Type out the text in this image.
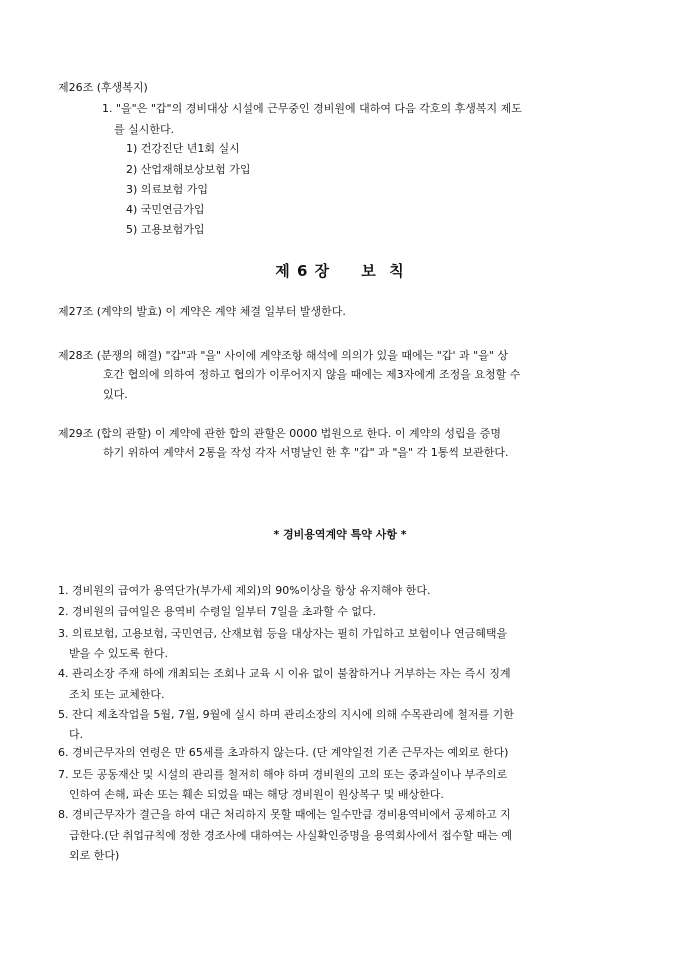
제26조 (후생복지)
1. "을"은 "갑"의 경비대상 시설에 근무중인 경비원에 대하여 다음 각호의 후생복지 제도
를 실시한다.
1) 건강진단 년1회 실시
2) 산업재해보상보험 가입
3) 의료보험 가입
4) 국민연금가입
5) 고용보험가입
제 6 장     보  칙
제27조 (계약의 발효) 이 계약은 계약 체결 일부터 발생한다.
제28조 (분쟁의 해결) "갑"과 "을" 사이에 계약조항 해석에 의의가 있을 때에는 "갑' 과 "을" 상
호간 협의에 의하여 정하고 협의가 이루어지지 않을 때에는 제3자에게 조정을 요청할 수
있다.
제29조 (합의 관할) 이 계약에 관한 합의 관할은 0000 법원으로 한다. 이 계약의 성립을 증명
하기 위하여 계약서 2통을 작성 각자 서명날인 한 후 "갑" 과 "을" 각 1통씩 보관한다.
* 경비용역계약 특약 사항 *
1. 경비원의 급여가 용역단가(부가세 제외)의 90%이상을 항상 유지해야 한다.
2. 경비원의 급여일은 용역비 수령일 일부터 7일을 초과할 수 없다.
3. 의료보험, 고용보험, 국민연금, 산재보험 등을 대상자는 필히 가입하고 보험이나 연금혜택을
받을 수 있도록 한다.
4. 관리소장 주재 하에 개최되는 조회나 교육 시 이유 없이 불참하거나 거부하는 자는 즉시 징계
조치 또는 교체한다.
5. 잔디 제초작업을 5월, 7월, 9월에 실시 하며 관리소장의 지시에 의해 수목관리에 철저를 기한
다.
6. 경비근무자의 연령은 만 65세를 초과하지 않는다. (단 계약일전 기존 근무자는 예외로 한다)
7. 모든 공동재산 및 시설의 관리를 철저히 해야 하며 경비원의 고의 또는 중과실이나 부주의로
인하여 손해, 파손 또는 훼손 되었을 때는 해당 경비원이 원상복구 및 배상한다.
8. 경비근무자가 결근을 하여 대근 처리하지 못할 때에는 일수만큼 경비용역비에서 공제하고 지
급한다.(단 취업규칙에 정한 경조사에 대하여는 사실확인증명을 용역회사에서 접수할 때는 예
외로 한다)
